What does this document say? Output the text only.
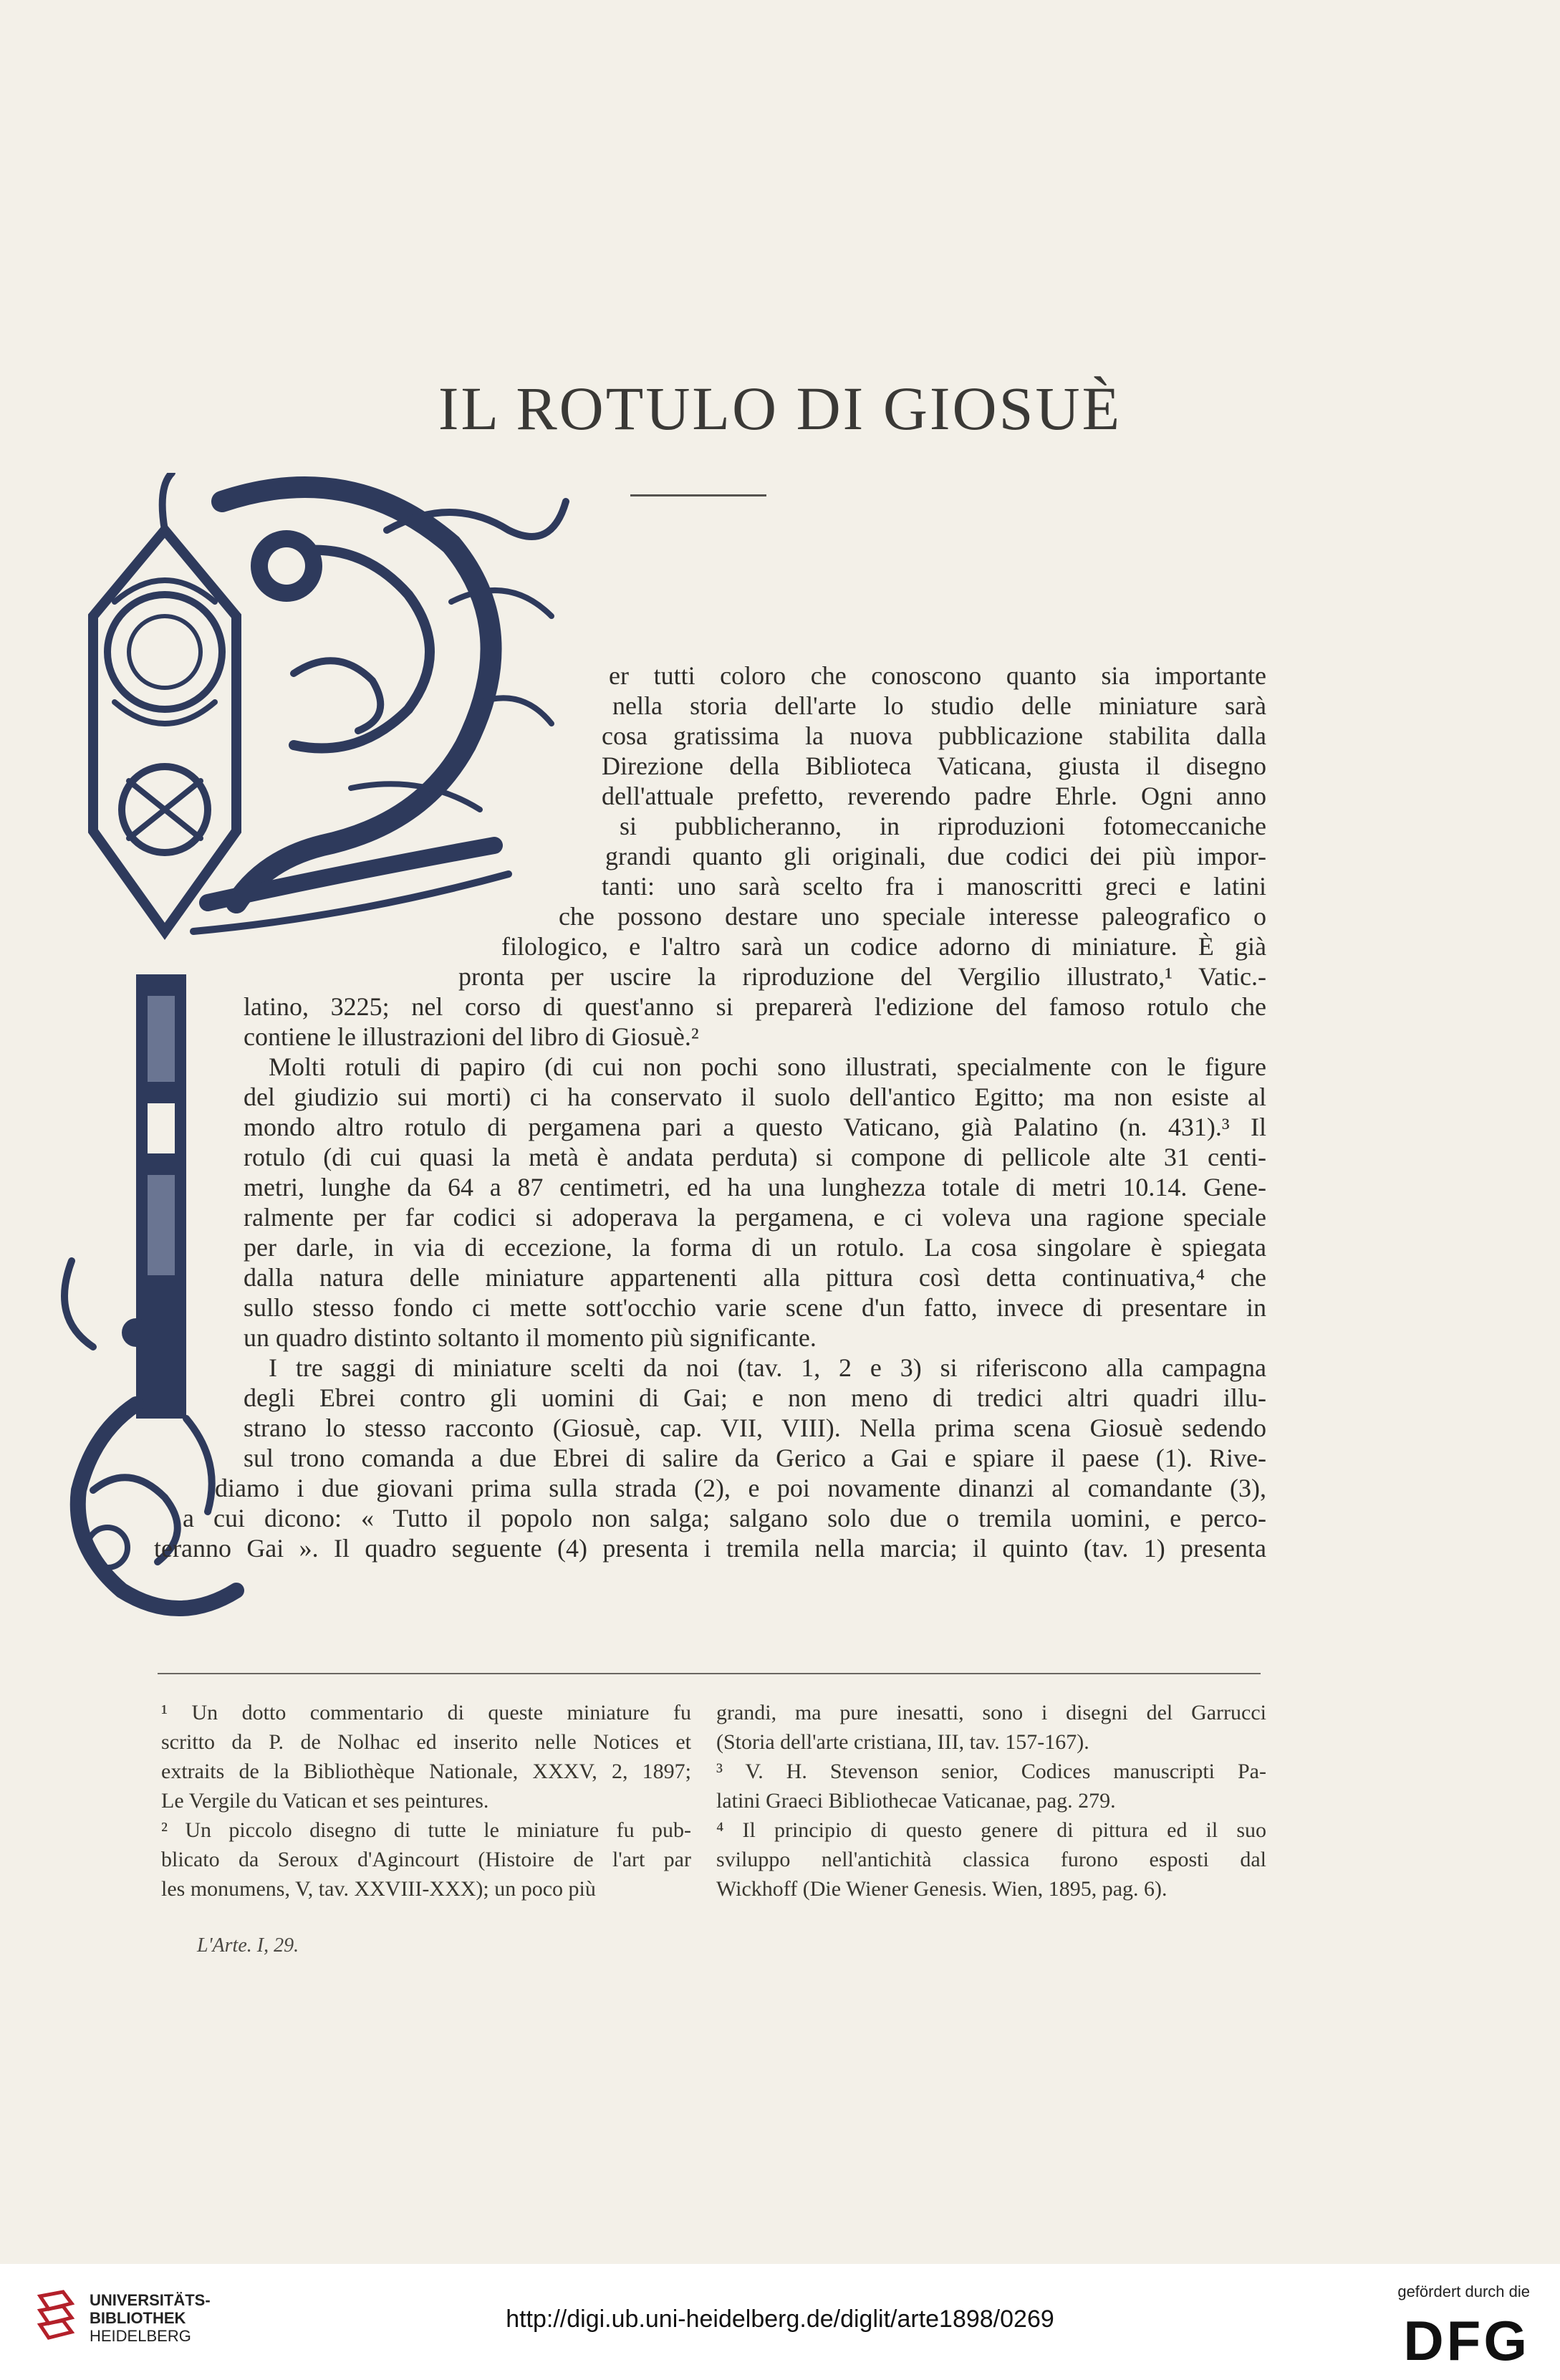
IL ROTULO DI GIOSUÈ
er tutti coloro che conoscono quanto sia importante
nella storia dell'arte lo studio delle miniature sarà
cosa gratissima la nuova pubblicazione stabilita dalla
Direzione della Biblioteca Vaticana, giusta il disegno
dell'attuale prefetto, reverendo padre Ehrle. Ogni anno
si pubblicheranno, in riproduzioni fotomeccaniche
grandi quanto gli originali, due codici dei più impor-
tanti: uno sarà scelto fra i manoscritti greci e latini
che possono destare uno speciale interesse paleografico o
filologico, e l'altro sarà un codice adorno di miniature. È già
pronta per uscire la riproduzione del Vergilio illustrato,¹ Vatic.-
latino, 3225; nel corso di quest'anno si preparerà l'edizione del famoso rotulo che
contiene le illustrazioni del libro di Giosuè.²
Molti rotuli di papiro (di cui non pochi sono illustrati, specialmente con le figure
del giudizio sui morti) ci ha conservato il suolo dell'antico Egitto; ma non esiste al
mondo altro rotulo di pergamena pari a questo Vaticano, già Palatino (n. 431).³ Il
rotulo (di cui quasi la metà è andata perduta) si compone di pellicole alte 31 centi-
metri, lunghe da 64 a 87 centimetri, ed ha una lunghezza totale di metri 10.14. Gene-
ralmente per far codici si adoperava la pergamena, e ci voleva una ragione speciale
per darle, in via di eccezione, la forma di un rotulo. La cosa singolare è spiegata
dalla natura delle miniature appartenenti alla pittura così detta continuativa,⁴ che
sullo stesso fondo ci mette sott'occhio varie scene d'un fatto, invece di presentare in
un quadro distinto soltanto il momento più significante.
I tre saggi di miniature scelti da noi (tav. 1, 2 e 3) si riferiscono alla campagna
degli Ebrei contro gli uomini di Gai; e non meno di tredici altri quadri illu-
strano lo stesso racconto (Giosuè, cap. VII, VIII). Nella prima scena Giosuè sedendo
sul trono comanda a due Ebrei di salire da Gerico a Gai e spiare il paese (1). Rive-
diamo i due giovani prima sulla strada (2), e poi novamente dinanzi al comandante (3),
a cui dicono: « Tutto il popolo non salga; salgano solo due o tremila uomini, e perco-
teranno Gai ». Il quadro seguente (4) presenta i tremila nella marcia; il quinto (tav. 1) presenta

¹ Un dotto commentario di queste miniature fu
scritto da P. de Nolhac ed inserito nelle Notices et
extraits de la Bibliothèque Nationale, XXXV, 2, 1897;
Le Vergile du Vatican et ses peintures.

² Un piccolo disegno di tutte le miniature fu pub-
blicato da Seroux d'Agincourt (Histoire de l'art par
les monumens, V, tav. XXVIII-XXX); un poco più

grandi, ma pure inesatti, sono i disegni del Garrucci
(Storia dell'arte cristiana, III, tav. 157-167).

³ V. H. Stevenson senior, Codices manuscripti Pa-
latini Graeci Bibliothecae Vaticanae, pag. 279.

⁴ Il principio di questo genere di pittura ed il suo
sviluppo nell'antichità classica furono esposti dal
Wickhoff (Die Wiener Genesis. Wien, 1895, pag. 6).

L'Arte. I, 29.
UNIVERSITÄTS-
BIBLIOTHEK
HEIDELBERG
http://digi.ub.uni-heidelberg.de/diglit/arte1898/0269
gefördert durch die
DFG
